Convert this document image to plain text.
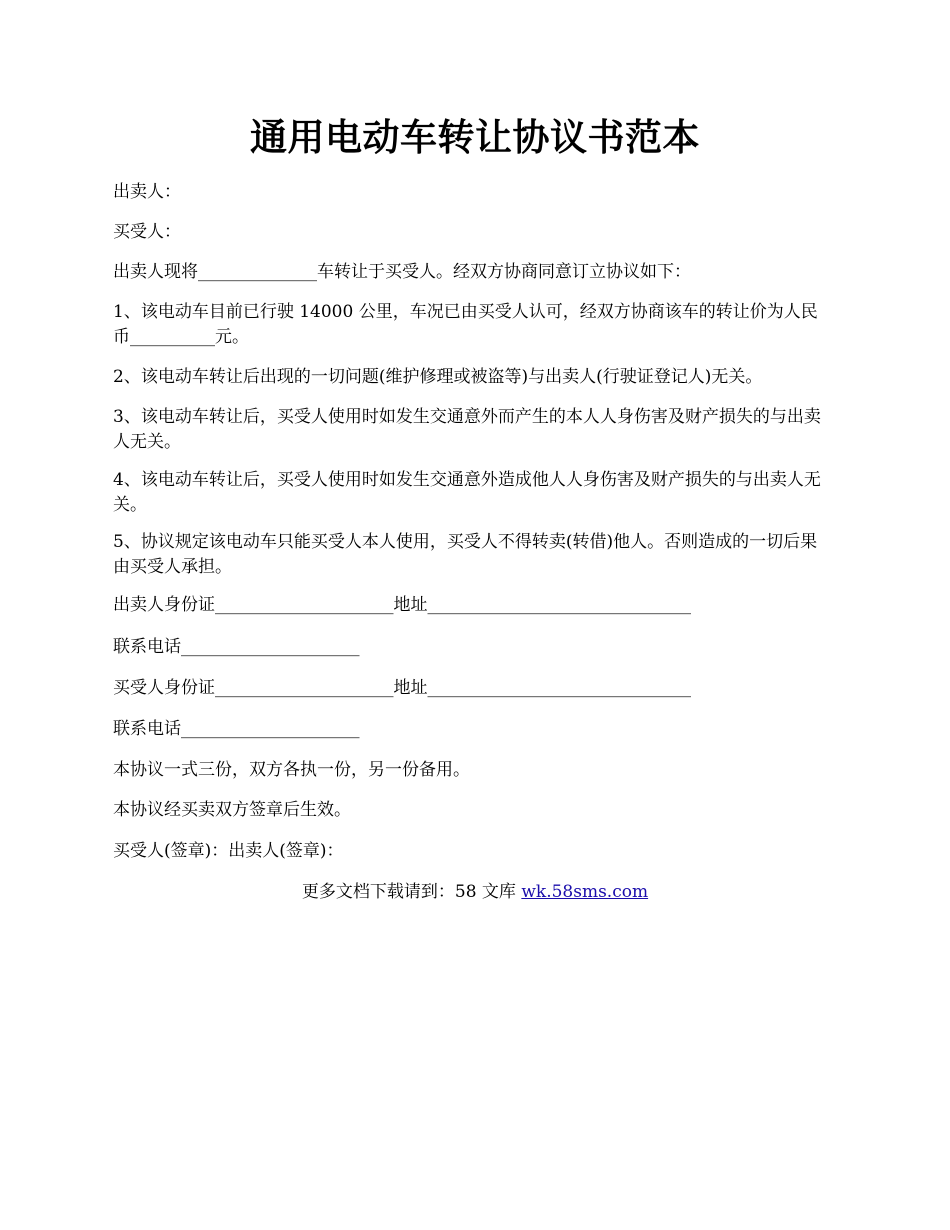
通用电动车转让协议书范本

出卖人：

买受人：

出卖人现将______________车转让于买受人。经双方协商同意订立协议如下：

1、该电动车目前已行驶 14000 公里，车况已由买受人认可，经双方协商该车的转让价为人民币__________元。

2、该电动车转让后出现的一切问题(维护修理或被盗等)与出卖人(行驶证登记人)无关。

3、该电动车转让后，买受人使用时如发生交通意外而产生的本人人身伤害及财产损失的与出卖人无关。

4、该电动车转让后，买受人使用时如发生交通意外造成他人人身伤害及财产损失的与出卖人无关。

5、协议规定该电动车只能买受人本人使用，买受人不得转卖(转借)他人。否则造成的一切后果由买受人承担。

出卖人身份证_____________________地址_______________________________

联系电话_____________________

买受人身份证_____________________地址_______________________________

联系电话_____________________

本协议一式三份，双方各执一份，另一份备用。

本协议经买卖双方签章后生效。

买受人(签章)：出卖人(签章)：

更多文档下载请到：58 文库 wk.58sms.com
